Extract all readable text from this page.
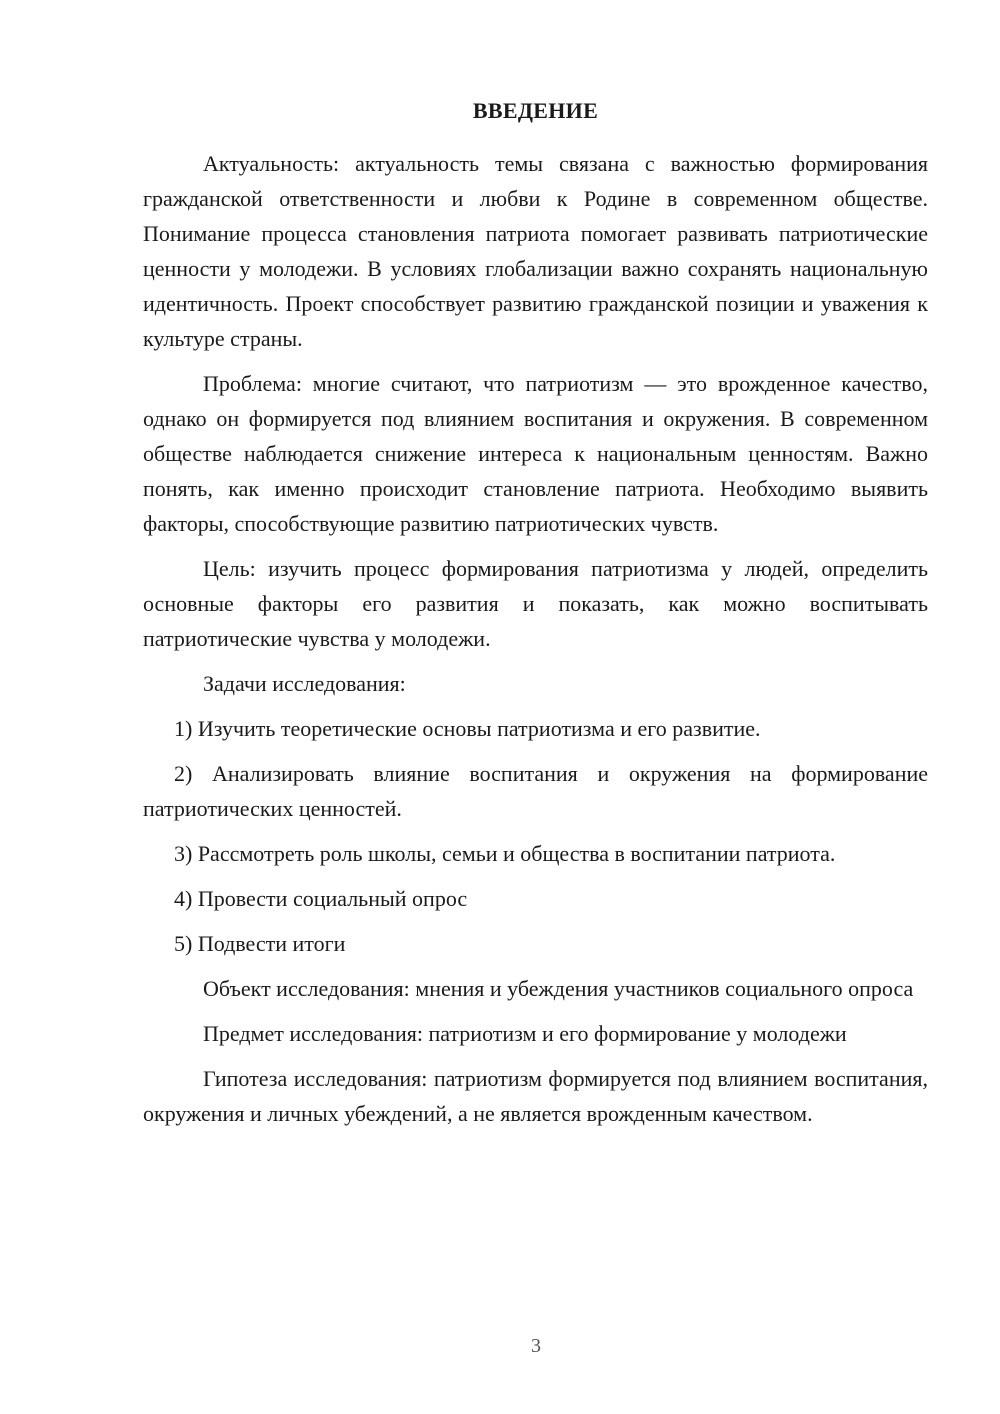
ВВЕДЕНИЕ

Актуальность: актуальность темы связана с важностью формирования гражданской ответственности и любви к Родине в современном обществе. Понимание процесса становления патриота помогает развивать патриотические ценности у молодежи. В условиях глобализации важно сохранять национальную идентичность. Проект способствует развитию гражданской позиции и уважения к культуре страны.

Проблема: многие считают, что патриотизм — это врожденное качество, однако он формируется под влиянием воспитания и окружения. В современном обществе наблюдается снижение интереса к национальным ценностям. Важно понять, как именно происходит становление патриота. Необходимо выявить факторы, способствующие развитию патриотических чувств.

Цель: изучить процесс формирования патриотизма у людей, определить основные факторы его развития и показать, как можно воспитывать патриотические чувства у молодежи.

Задачи исследования:

1) Изучить теоретические основы патриотизма и его развитие.

2) Анализировать влияние воспитания и окружения на формирование патриотических ценностей.

3) Рассмотреть роль школы, семьи и общества в воспитании патриота.

4) Провести социальный опрос

5) Подвести итоги

Объект исследования: мнения и убеждения участников социального опроса

Предмет исследования: патриотизм и его формирование у молодежи

Гипотеза исследования: патриотизм формируется под влиянием воспитания, окружения и личных убеждений, а не является врожденным качеством.

3
